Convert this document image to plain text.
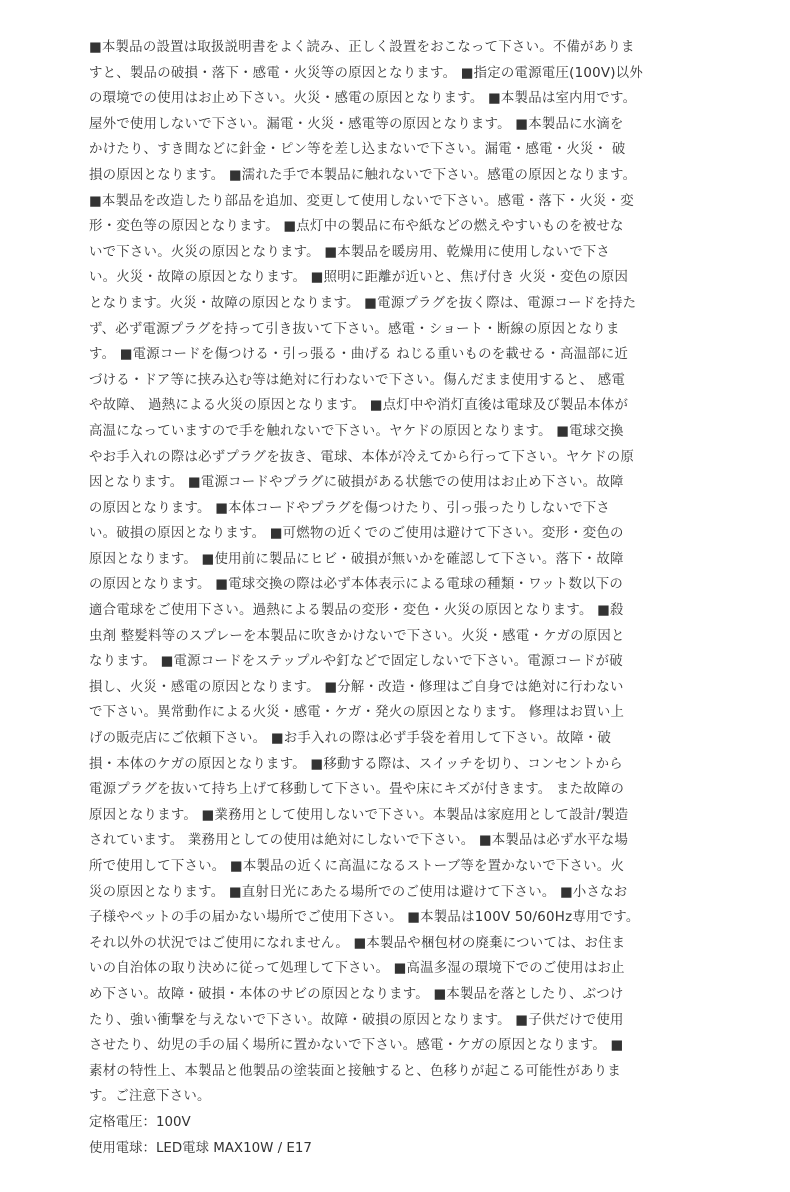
■本製品の設置は取扱説明書をよく読み、正しく設置をおこなって下さい。不備がありま
すと、製品の破損・落下・感電・火災等の原因となります。 ■指定の電源電圧(100V)以外
の環境での使用はお止め下さい。火災・感電の原因となります。 ■本製品は室内用です。
屋外で使用しないで下さい。漏電・火災・感電等の原因となります。 ■本製品に水滴を
かけたり、すき間などに針金・ピン等を差し込まないで下さい。漏電・感電・火災・ 破
損の原因となります。 ■濡れた手で本製品に触れないで下さい。感電の原因となります。
■本製品を改造したり部品を追加、変更して使用しないで下さい。感電・落下・火災・変
形・変色等の原因となります。 ■点灯中の製品に布や紙などの燃えやすいものを被せな
いで下さい。火災の原因となります。 ■本製品を暖房用、乾燥用に使用しないで下さ
い。火災・故障の原因となります。 ■照明に距離が近いと、焦げ付き 火災・変色の原因
となります。火災・故障の原因となります。 ■電源プラグを抜く際は、電源コードを持た
ず、必ず電源プラグを持って引き抜いて下さい。感電・ショート・断線の原因となりま
す。 ■電源コードを傷つける・引っ張る・曲げる ねじる重いものを載せる・高温部に近
づける・ドア等に挟み込む等は絶対に行わないで下さい。傷んだまま使用すると、 感電
や故障、 過熱による火災の原因となります。 ■点灯中や消灯直後は電球及び製品本体が
高温になっていますので手を触れないで下さい。ヤケドの原因となります。 ■電球交換
やお手入れの際は必ずプラグを抜き、電球、本体が冷えてから行って下さい。ヤケドの原
因となります。 ■電源コードやプラグに破損がある状態での使用はお止め下さい。故障
の原因となります。 ■本体コードやプラグを傷つけたり、引っ張ったりしないで下さ
い。破損の原因となります。 ■可燃物の近くでのご使用は避けて下さい。変形・変色の
原因となります。 ■使用前に製品にヒビ・破損が無いかを確認して下さい。落下・故障
の原因となります。 ■電球交換の際は必ず本体表示による電球の種類・ワット数以下の
適合電球をご使用下さい。過熱による製品の変形・変色・火災の原因となります。 ■殺
虫剤 整髪料等のスプレーを本製品に吹きかけないで下さい。火災・感電・ケガの原因と
なります。 ■電源コードをステップルや釘などで固定しないで下さい。電源コードが破
損し、火災・感電の原因となります。 ■分解・改造・修理はご自身では絶対に行わない
で下さい。異常動作による火災・感電・ケガ・発火の原因となります。 修理はお買い上
げの販売店にご依頼下さい。 ■お手入れの際は必ず手袋を着用して下さい。故障・破
損・本体のケガの原因となります。 ■移動する際は、スイッチを切り、コンセントから
電源プラグを抜いて持ち上げて移動して下さい。畳や床にキズが付きます。 また故障の
原因となります。 ■業務用として使用しないで下さい。本製品は家庭用として設計/製造
されています。 業務用としての使用は絶対にしないで下さい。 ■本製品は必ず水平な場
所で使用して下さい。 ■本製品の近くに高温になるストーブ等を置かないで下さい。火
災の原因となります。 ■直射日光にあたる場所でのご使用は避けて下さい。 ■小さなお
子様やペットの手の届かない場所でご使用下さい。 ■本製品は100V 50/60Hz専用です。
それ以外の状況ではご使用になれません。 ■本製品や梱包材の廃棄については、お住ま
いの自治体の取り決めに従って処理して下さい。 ■高温多湿の環境下でのご使用はお止
め下さい。故障・破損・本体のサビの原因となります。 ■本製品を落としたり、ぶつけ
たり、強い衝撃を与えないで下さい。故障・破損の原因となります。 ■子供だけで使用
させたり、幼児の手の届く場所に置かないで下さい。感電・ケガの原因となります。 ■
素材の特性上、本製品と他製品の塗装面と接触すると、色移りが起こる可能性がありま
す。ご注意下さい。
定格電圧：100V
使用電球：LED電球 MAX10W / E17
